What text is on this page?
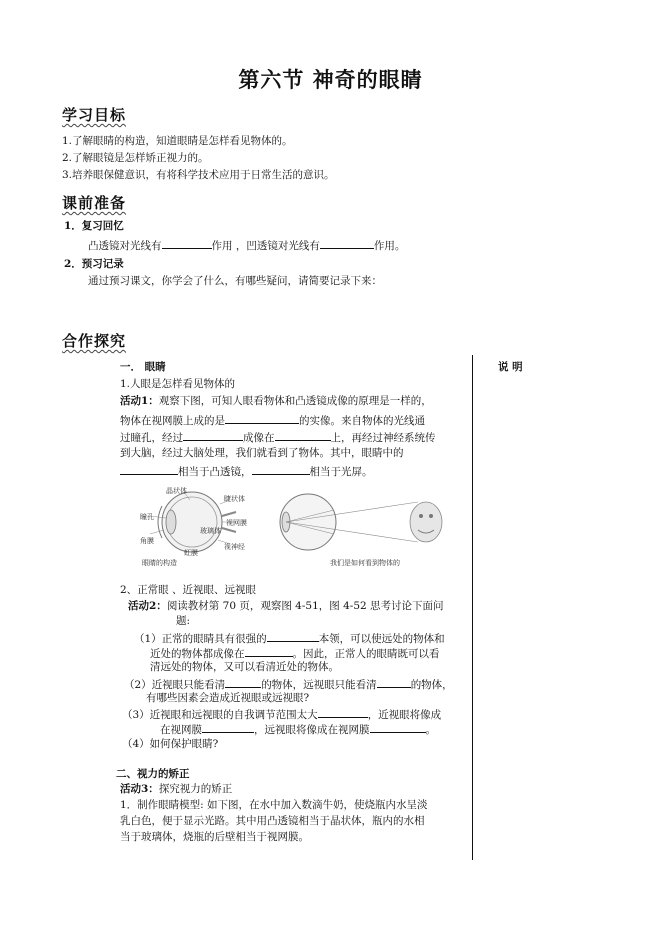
第六节 神奇的眼睛
学习目标
1.了解眼睛的构造，知道眼睛是怎样看见物体的。
2.了解眼镜是怎样矫正视力的。
3.培养眼保健意识，有将科学技术应用于日常生活的意识。
课前准备
1．复习回忆
凸透镜对光线有	作用 ，凹透镜对光线有	作用。
2．预习记录
通过预习课文，你学会了什么，有哪些疑问，请简要记录下来：
合作探究
说 明
一． 眼睛
1.人眼是怎样看见物体的
活动1：观察下图，可知人眼看物体和凸透镜成像的原理是一样的，
物体在视网膜上成的是	的实像。来自物体的光线通
过瞳孔，经过	成像在	上，再经过神经系统传
到大脑，经过大脑处理，我们就看到了物体。其中，眼睛中的
相当于凸透镜，	相当于光屏。
晶状体
睫状体
瞳孔
角膜
视网膜
玻璃体
视神经
虹膜
眼睛的构造	我们是如何看到物体的
2、正常眼 、近视眼、远视眼
活动2：阅读教材第 70 页，观察图 4-51，图 4-52 思考讨论下面问
题:
（1）正常的眼睛具有很强的	本领，可以使远处的物体和
近处的物体都成像在	。因此，正常人的眼睛既可以看
清远处的物体，又可以看清近处的物体。
（2）近视眼只能看清	的物体，远视眼只能看清	的物体，
有哪些因素会造成近视眼或远视眼?
（3）近视眼和远视眼的自我调节范围太大	，近视眼将像成
在视网膜	，远视眼将像成在视网膜	。
（4）如何保护眼睛?
二、视力的矫正
活动3：探究视力的矫正
1．制作眼睛模型: 如下图，在水中加入数滴牛奶，使烧瓶内水呈淡
乳白色，便于显示光路。其中用凸透镜相当于晶状体，瓶内的水相
当于玻璃体，烧瓶的后壁相当于视网膜。
